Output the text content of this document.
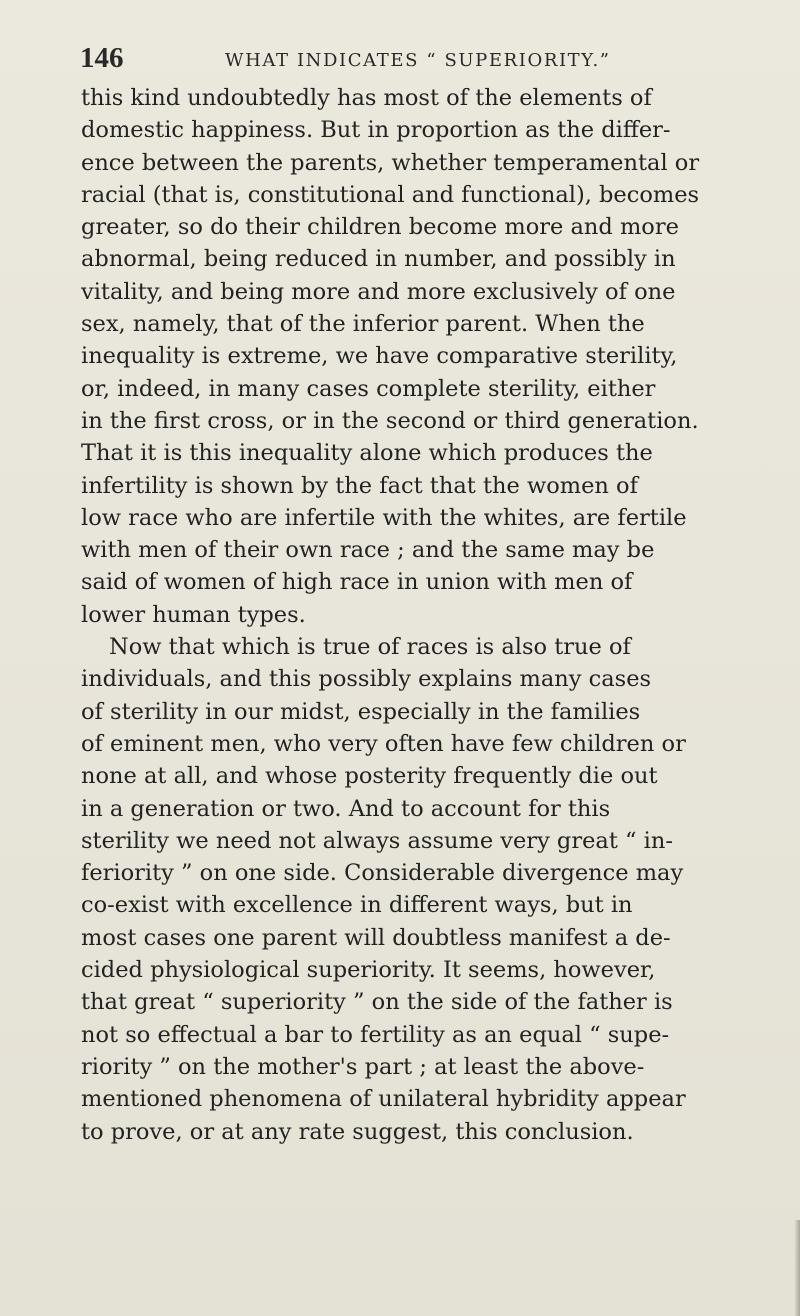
146	WHAT INDICATES “ SUPERIORITY.”
this kind undoubtedly has most of the elements of
domestic happiness. But in proportion as the differ-
ence between the parents, whether temperamental or
racial (that is, constitutional and functional), becomes
greater, so do their children become more and more
abnormal, being reduced in number, and possibly in
vitality, and being more and more exclusively of one
sex, namely, that of the inferior parent. When the
inequality is extreme, we have comparative sterility,
or, indeed, in many cases complete sterility, either
in the first cross, or in the second or third generation.
That it is this inequality alone which produces the
infertility is shown by the fact that the women of
low race who are infertile with the whites, are fertile
with men of their own race ; and the same may be
said of women of high race in union with men of
lower human types.
Now that which is true of races is also true of
individuals, and this possibly explains many cases
of sterility in our midst, especially in the families
of eminent men, who very often have few children or
none at all, and whose posterity frequently die out
in a generation or two. And to account for this
sterility we need not always assume very great “ in-
feriority ” on one side. Considerable divergence may
co-exist with excellence in different ways, but in
most cases one parent will doubtless manifest a de-
cided physiological superiority. It seems, however,
that great “ superiority ” on the side of the father is
not so effectual a bar to fertility as an equal “ supe-
riority ” on the mother's part ; at least the above-
mentioned phenomena of unilateral hybridity appear
to prove, or at any rate suggest, this conclusion.
